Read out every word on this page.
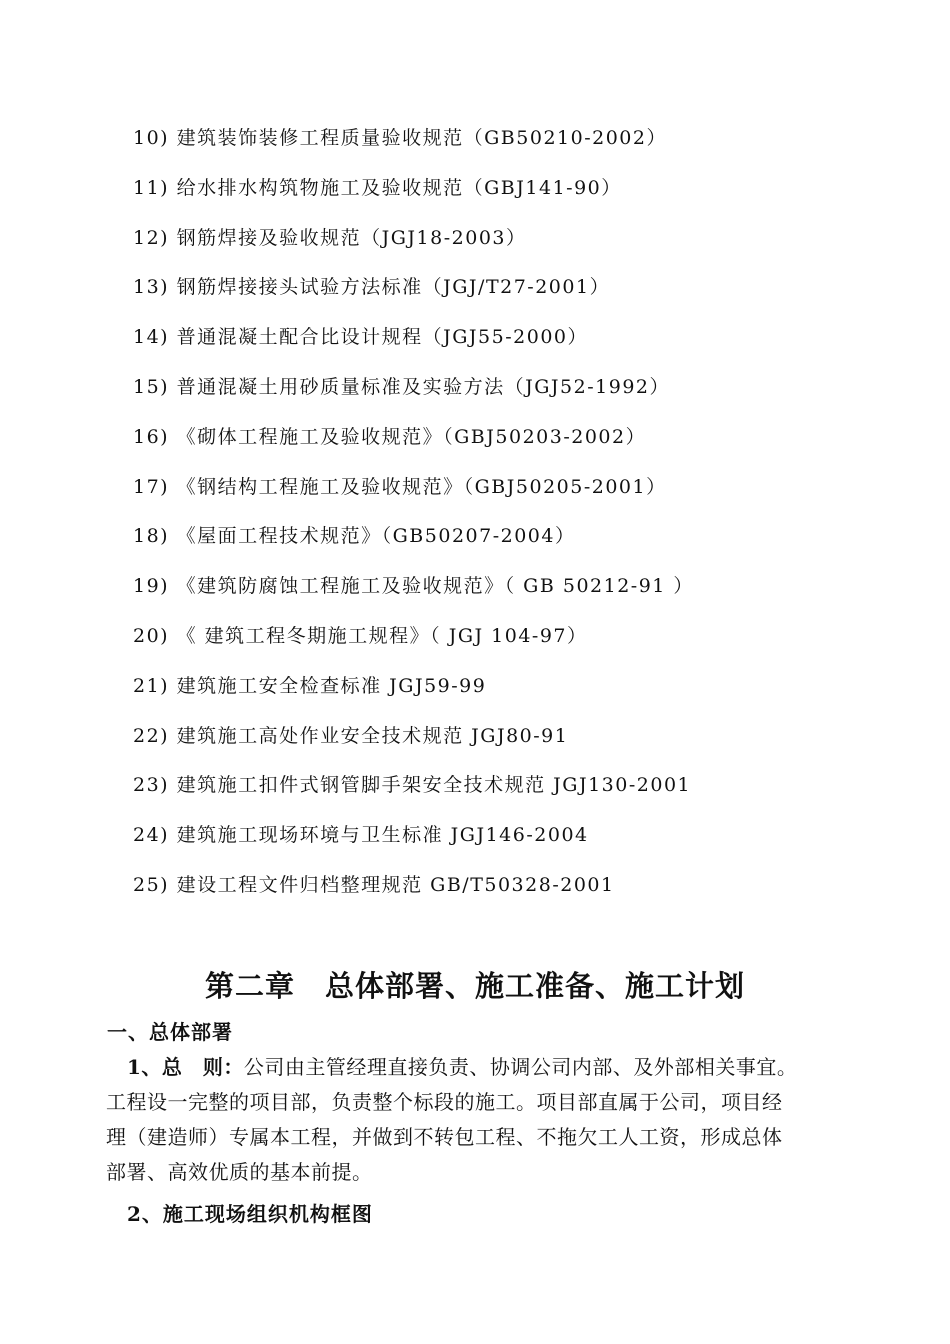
10) 建筑装饰装修工程质量验收规范（GB50210-2002）
11) 给水排水构筑物施工及验收规范（GBJ141-90）
12) 钢筋焊接及验收规范（JGJ18-2003）
13) 钢筋焊接接头试验方法标准（JGJ/T27-2001）
14) 普通混凝土配合比设计规程（JGJ55-2000）
15) 普通混凝土用砂质量标准及实验方法（JGJ52-1992）
16) 《砌体工程施工及验收规范》（GBJ50203-2002）
17) 《钢结构工程施工及验收规范》（GBJ50205-2001）
18) 《屋面工程技术规范》（GB50207-2004）
19) 《建筑防腐蚀工程施工及验收规范》（ GB 50212-91 ）
20) 《 建筑工程冬期施工规程》（ JGJ 104-97）
21) 建筑施工安全检查标准 JGJ59-99
22) 建筑施工高处作业安全技术规范 JGJ80-91
23) 建筑施工扣件式钢管脚手架安全技术规范 JGJ130-2001
24) 建筑施工现场环境与卫生标准 JGJ146-2004
25) 建设工程文件归档整理规范 GB/T50328-2001
第二章　总体部署、施工准备、施工计划
一、总体部署
1、总　则：公司由主管经理直接负责、协调公司内部、及外部相关事宜。
工程设一完整的项目部，负责整个标段的施工。项目部直属于公司，项目经
理（建造师）专属本工程，并做到不转包工程、不拖欠工人工资，形成总体
部署、高效优质的基本前提。
2、施工现场组织机构框图
